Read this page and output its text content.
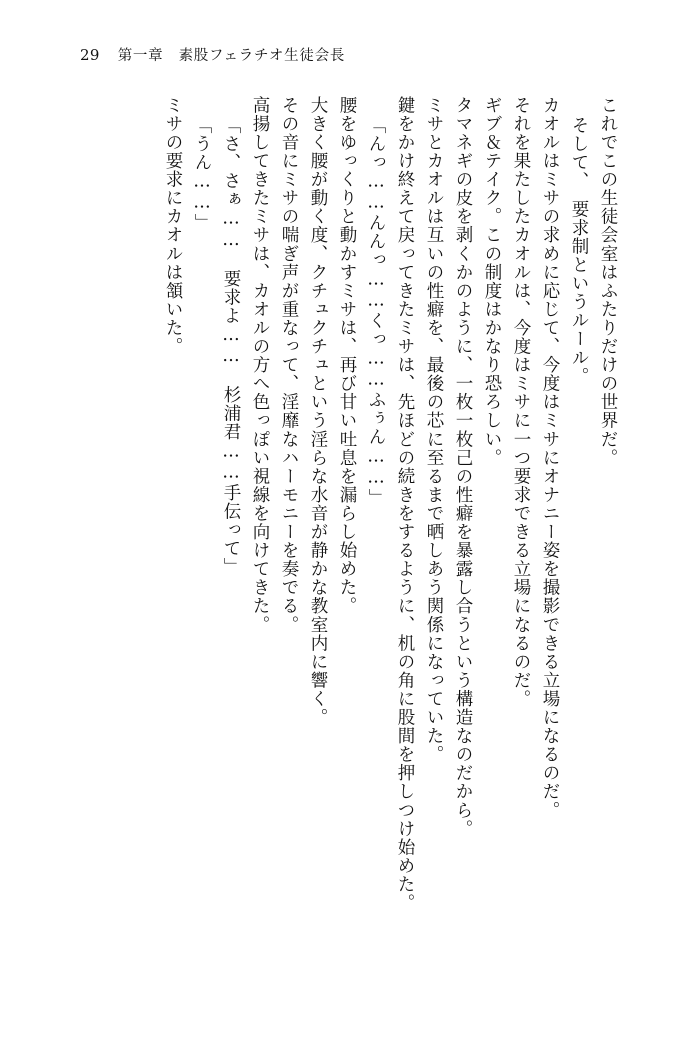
29 第一章　素股フェラチオ生徒会長
これでこの生徒会室はふたりだけの世界だ。
そして、　要求制というルール。
カオルはミサの求めに応じて、今度はミサにオナニー姿を撮影できる立場になるのだ。
それを果たしたカオルは、今度はミサに一つ要求できる立場になるのだ。
ギブ＆テイク。この制度はかなり恐ろしい。
タマネギの皮を剥くかのように、一枚一枚己の性癖を暴露し合うという構造なのだから。
ミサとカオルは互いの性癖を、最後の芯に至るまで晒しあう関係になっていた。
鍵をかけ終えて戻ってきたミサは、先ほどの続きをするように、机の角に股間を押しつけ始めた。
「んっ……んんっ……くっ……ふぅん……」
腰をゆっくりと動かすミサは、再び甘い吐息を漏らし始めた。
大きく腰が動く度、クチュクチュという淫らな水音が静かな教室内に響く。
その音にミサの喘ぎ声が重なって、淫靡なハーモニーを奏でる。
高揚してきたミサは、カオルの方へ色っぽい視線を向けてきた。
「さ、さぁ……　要求よ……　杉浦君……手伝って」
「うん……」
ミサの要求にカオルは頷いた。
